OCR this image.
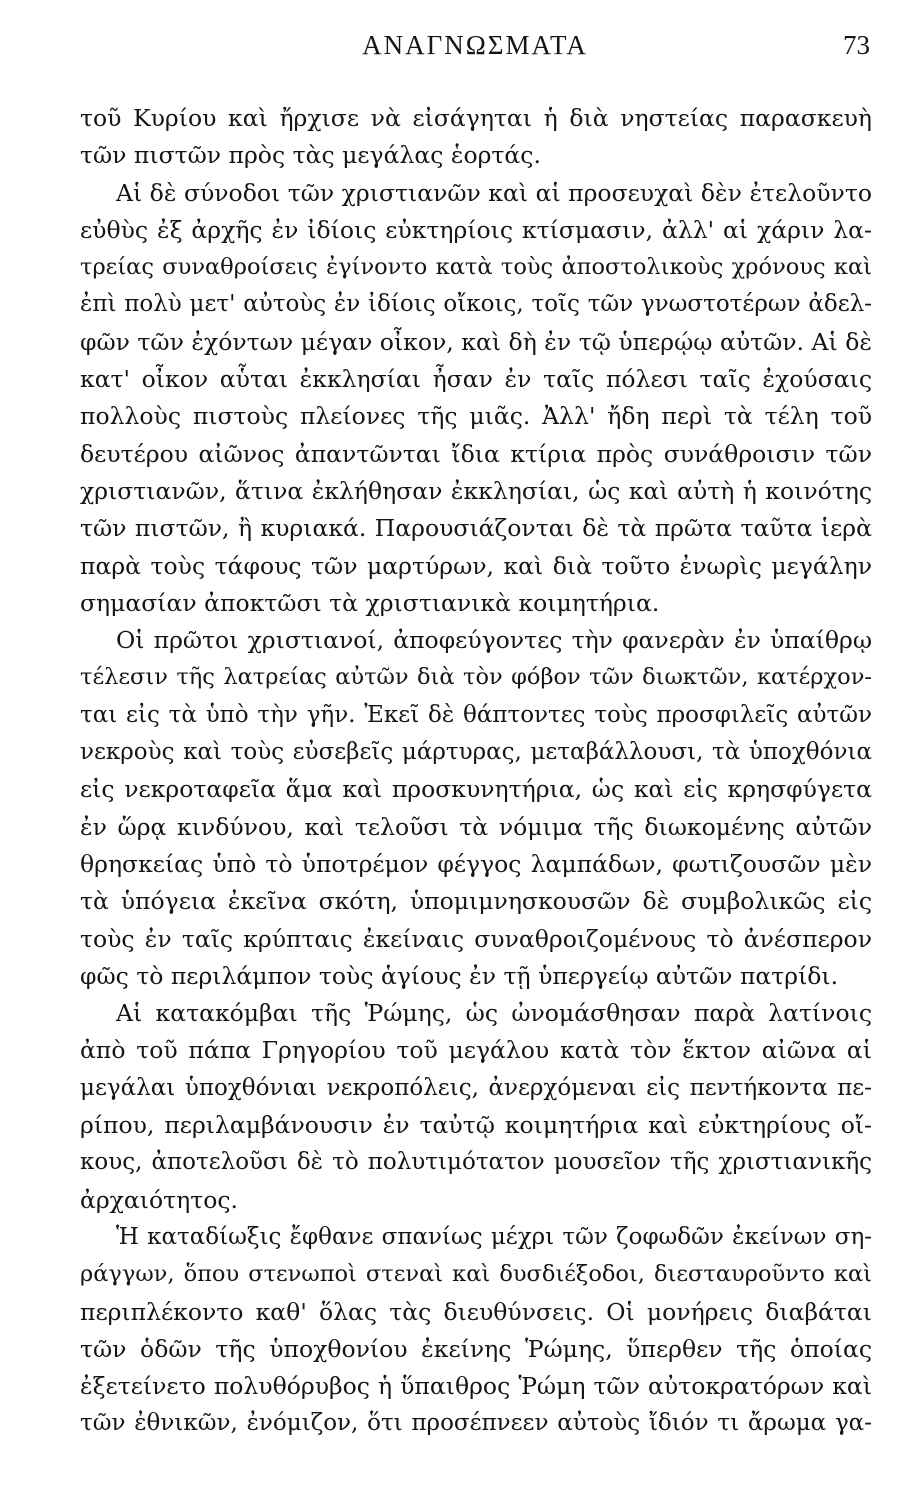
ΑΝΑΓΝΩΣΜΑΤΑ	73
τοῦ Κυρίου καὶ ἤρχισε νὰ εἰσάγηται ἡ διὰ νηστείας παρασκευὴ
τῶν πιστῶν πρὸς τὰς μεγάλας ἑορτάς.
Αἱ δὲ σύνοδοι τῶν χριστιανῶν καὶ αἱ προσευχαὶ δὲν ἐτελοῦντο
εὐθὺς ἐξ ἀρχῆς ἐν ἰδίοις εὐκτηρίοις κτίσμασιν, ἀλλ' αἱ χάριν λα-
τρείας συναθροίσεις ἐγίνοντο κατὰ τοὺς ἀποστολικοὺς χρόνους καὶ
ἐπὶ πολὺ μετ' αὐτοὺς ἐν ἰδίοις οἴκοις, τοῖς τῶν γνωστοτέρων ἀδελ-
φῶν τῶν ἐχόντων μέγαν οἶκον, καὶ δὴ ἐν τῷ ὑπερῴῳ αὐτῶν. Αἱ δὲ
κατ' οἶκον αὗται ἐκκλησίαι ἦσαν ἐν ταῖς πόλεσι ταῖς ἐχούσαις
πολλοὺς πιστοὺς πλείονες τῆς μιᾶς. Ἀλλ' ἤδη περὶ τὰ τέλη τοῦ
δευτέρου αἰῶνος ἀπαντῶνται ἴδια κτίρια πρὸς συνάθροισιν τῶν
χριστιανῶν, ἅτινα ἐκλήθησαν ἐκκλησίαι, ὡς καὶ αὐτὴ ἡ κοινότης
τῶν πιστῶν, ἢ κυριακά. Παρουσιάζονται δὲ τὰ πρῶτα ταῦτα ἱερὰ
παρὰ τοὺς τάφους τῶν μαρτύρων, καὶ διὰ τοῦτο ἐνωρὶς μεγάλην
σημασίαν ἀποκτῶσι τὰ χριστιανικὰ κοιμητήρια.
Οἱ πρῶτοι χριστιανοί, ἀποφεύγοντες τὴν φανερὰν ἐν ὑπαίθρῳ
τέλεσιν τῆς λατρείας αὐτῶν διὰ τὸν φόβον τῶν διωκτῶν, κατέρχον-
ται εἰς τὰ ὑπὸ τὴν γῆν. Ἐκεῖ δὲ θάπτοντες τοὺς προσφιλεῖς αὐτῶν
νεκροὺς καὶ τοὺς εὐσεβεῖς μάρτυρας, μεταβάλλουσι, τὰ ὑποχθόνια
εἰς νεκροταφεῖα ἅμα καὶ προσκυνητήρια, ὡς καὶ εἰς κρησφύγετα
ἐν ὥρᾳ κινδύνου, καὶ τελοῦσι τὰ νόμιμα τῆς διωκομένης αὐτῶν
θρησκείας ὑπὸ τὸ ὑποτρέμον φέγγος λαμπάδων, φωτιζουσῶν μὲν
τὰ ὑπόγεια ἐκεῖνα σκότη, ὑπομιμνησκουσῶν δὲ συμβολικῶς εἰς
τοὺς ἐν ταῖς κρύπταις ἐκείναις συναθροιζομένους τὸ ἀνέσπερον
φῶς τὸ περιλάμπον τοὺς ἁγίους ἐν τῇ ὑπεργείῳ αὐτῶν πατρίδι.
Αἱ κατακόμβαι τῆς Ῥώμης, ὡς ὠνομάσθησαν παρὰ λατίνοις
ἀπὸ τοῦ πάπα Γρηγορίου τοῦ μεγάλου κατὰ τὸν ἕκτον αἰῶνα αἱ
μεγάλαι ὑποχθόνιαι νεκροπόλεις, ἀνερχόμεναι εἰς πεντήκοντα πε-
ρίπου, περιλαμβάνουσιν ἐν ταὐτῷ κοιμητήρια καὶ εὐκτηρίους οἴ-
κους, ἀποτελοῦσι δὲ τὸ πολυτιμότατον μουσεῖον τῆς χριστιανικῆς
ἀρχαιότητος.
Ἡ καταδίωξις ἔφθανε σπανίως μέχρι τῶν ζοφωδῶν ἐκείνων ση-
ράγγων, ὅπου στενωποὶ στεναὶ καὶ δυσδιέξοδοι, διεσταυροῦντο καὶ
περιπλέκοντο καθ' ὅλας τὰς διευθύνσεις. Οἱ μονήρεις διαβάται
τῶν ὁδῶν τῆς ὑποχθονίου ἐκείνης Ῥώμης, ὕπερθεν τῆς ὁποίας
ἐξετείνετο πολυθόρυβος ἡ ὕπαιθρος Ῥώμη τῶν αὐτοκρατόρων καὶ
τῶν ἐθνικῶν, ἐνόμιζον, ὅτι προσέπνεεν αὐτοὺς ἴδιόν τι ἄρωμα γα-
